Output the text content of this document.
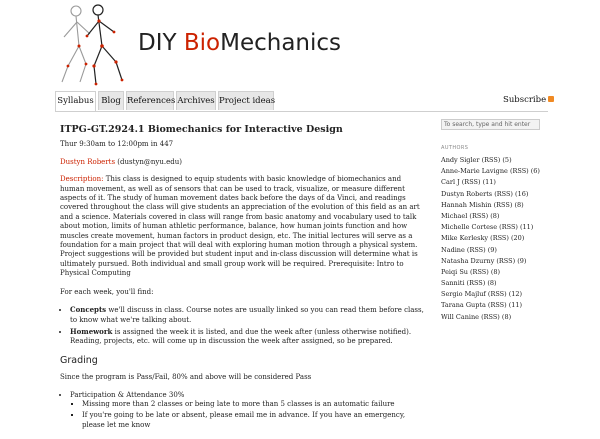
DIY BioMechanics
Syllabus Blog References Archives Project ideas	Subscribe
ITPG-GT.2924.1 Biomechanics for Interactive Design
Thur 9:30am to 12:00pm in 447
Dustyn Roberts (dustyn@nyu.edu)
Description: This class is designed to equip students with basic knowledge of biomechanics and human movement, as well as of sensors that can be used to track, visualize, or measure different aspects of it. The study of human movement dates back before the days of da Vinci, and readings covered throughout the class will give students an appreciation of the evolution of this field as an art and a science. Materials covered in class will range from basic anatomy and vocabulary used to talk about motion, limits of human athletic performance, balance, how human joints function and how muscles create movement, human factors in product design, etc. The initial lectures will serve as a foundation for a main project that will deal with exploring human motion through a physical system. Project suggestions will be provided but student input and in-class discussion will determine what is ultimately pursued. Both individual and small group work will be required. Prerequisite: Intro to Physical Computing
For each week, you'll find:
• Concepts we'll discuss in class. Course notes are usually linked so you can read them before class, to know what we're talking about.
• Homework is assigned the week it is listed, and due the week after (unless otherwise notified). Reading, projects, etc. will come up in discussion the week after assigned, so be prepared.
Grading
Since the program is Pass/Fail, 80% and above will be considered Pass
• Participation & Attendance 30%
▪ Missing more than 2 classes or being late to more than 5 classes is an automatic failure
▪ If you're going to be late or absent, please email me in advance. If you have an emergency, please let me know
To search, type and hit enter
AUTHORS
Andy Sigler (RSS) (5)
Anne-Marie Lavigne (RSS) (6)
Carl J (RSS) (11)
Dustyn Roberts (RSS) (16)
Hannah Mishin (RSS) (8)
Michael (RSS) (8)
Michelle Cortese (RSS) (11)
Mike Kerlesky (RSS) (20)
Nadine (RSS) (9)
Natasha Dzurny (RSS) (9)
Peiqi Su (RSS) (8)
Sanniti (RSS) (8)
Sergio Majluf (RSS) (12)
Tarana Gupta (RSS) (11)
Will Canine (RSS) (8)
